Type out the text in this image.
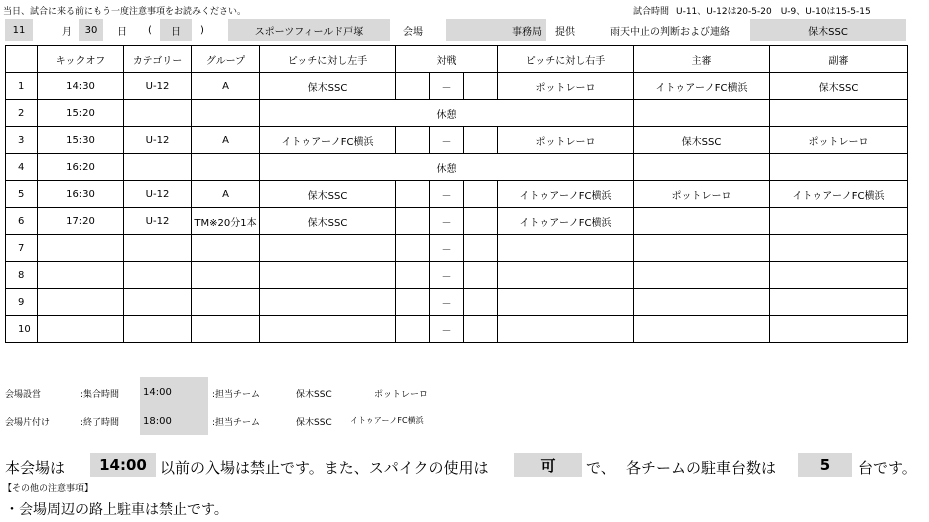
当日、試合に来る前にもう一度注意事項をお読みください。	試合時間 U-11、U-12は20-5-20　U-9、U-10は15-5-15
11	月	30	日	(	日	)	スポーツフィールド戸塚	会場	事務局	提供	雨天中止の判断および連絡	保木SSC
	キックオフ	カテゴリー	グループ	ピッチに対し左手	対戦			ピッチに対し右手	主審	副審
1	14:30	U-12	A	保木SSC		－		ポットレーロ	イトゥアーノFC横浜	保木SSC
2	15:20			休憩						
3	15:30	U-12	A	イトゥアーノFC横浜		－		ポットレーロ	保木SSC	ポットレーロ
4	16:20			休憩						
5	16:30	U-12	A	保木SSC		－		イトゥアーノFC横浜	ポットレーロ	イトゥアーノFC横浜
6	17:20	U-12	TM※20分1本	保木SSC		－		イトゥアーノFC横浜		
7						－				
8						－				
9						－				
10						－				
会場設営	:集合時間	14:00	:担当チーム	保木SSC	ポットレーロ
会場片付け	:終了時間	18:00	:担当チーム	保木SSC イトゥアーノFC横浜
本会場は	14:00 以前の入場は禁止です。また、スパイクの使用は	可	で、 各チームの駐車台数は	5	台です。
【その他の注意事項】
・会場周辺の路上駐車は禁止です。
